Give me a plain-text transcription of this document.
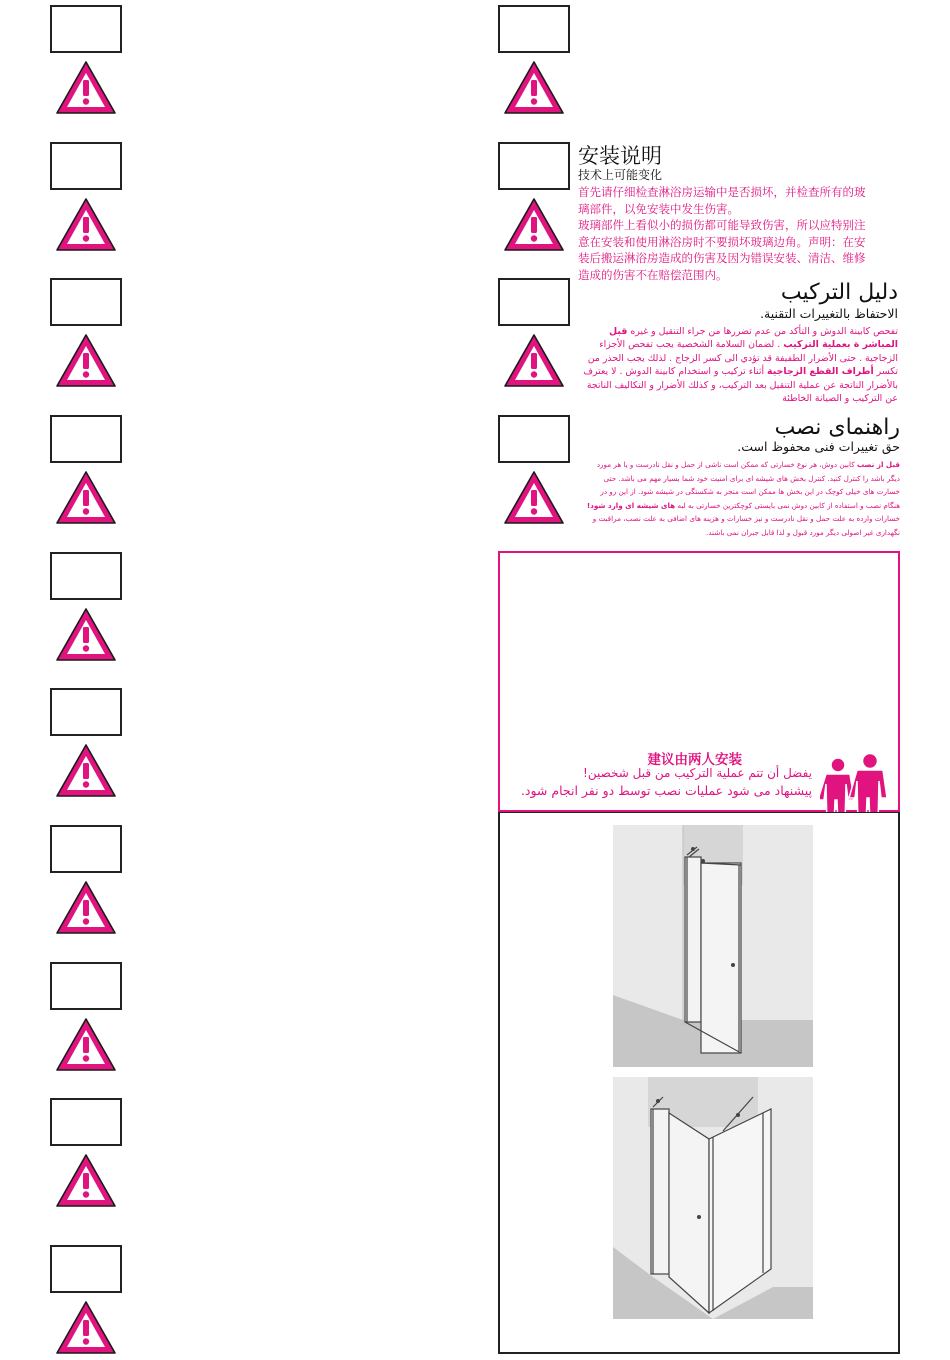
安装说明
技术上可能变化
首先请仔细检查淋浴房运输中是否损坏，并检查所有的玻
璃部件，以免安装中发生伤害。
玻璃部件上看似小的损伤都可能导致伤害，所以应特别注
意在安装和使用淋浴房时不要损坏玻璃边角。声明：在安
装后搬运淋浴房造成的伤害及因为错误安装、清洁、维修
造成的伤害不在赔偿范围内。
دليل التركيب
الاحتفاظ بالتغييرات التقنية.
تفحص كابينة الدوش و التأكد من عدم تضررها من جراء التنقيل و غيره قبل المباشر ة بعملية التركيب . لضمان السلامة الشخصية يجب تفحص الأجزاء الزجاجية . حتى الأضرار الطفيفة قد تؤدي الى كسر الزجاج . لذلك يجب الحذر من تكسر أطراف القطع الزجاجية أثناء تركيب و استخدام كابينة الدوش . لا يعترف بالأضرار الناتجة عن عملية التنقيل بعد التركيب، و كذلك الأضرار و التكاليف الناتجة عن التركيب و الصيانة الخاطئة
راهنمای نصب
حق تغییرات فنی محفوظ است.
قبل از نصب کابین دوش، هر نوع خسارتی که ممکن است ناشی از حمل و نقل نادرست و یا هر مورد دیگر باشد را کنترل کنید. کنترل بخش های شیشه ای برای امنیت خود شما بسیار مهم می باشد. حتی خسارت های خیلی کوچک در این بخش ها ممکن است منجر به شکستگی در شیشه شود. از این رو در هنگام نصب و استفاده از کابین دوش نمی بایستی کوچکترین خسارتی به لبه های شیشه ای وارد شود! خسارات وارده به علت حمل و نقل نادرست و نیز خسارات و هزینه های اضافی به علت نصب، مراقبت و نگهداری غیر اصولی دیگر مورد قبول و لذا قابل جبران نمی باشند.
建议由两人安装
يفضل أن تتم عملية التركيب من قبل شخصين!
پیشنهاد می شود عملیات نصب توسط دو نفر انجام شود.
